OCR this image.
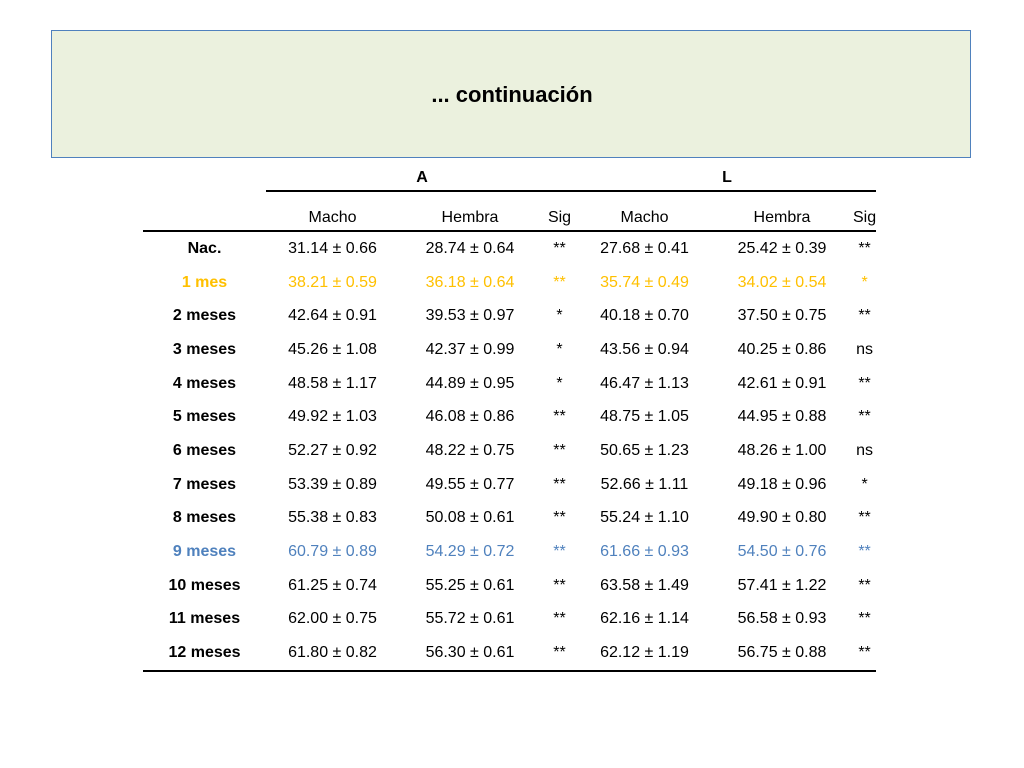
... continuación
	A			L		

	Macho	Hembra	Sig	Macho	Hembra	Sig
Nac.	31.14 ± 0.66	28.74 ± 0.64	**	27.68 ± 0.41	25.42 ± 0.39	**
1 mes	38.21 ± 0.59	36.18 ± 0.64	**	35.74 ± 0.49	34.02 ± 0.54	*
2 meses	42.64 ± 0.91	39.53 ± 0.97	*	40.18 ± 0.70	37.50 ± 0.75	**
3 meses	45.26 ± 1.08	42.37 ± 0.99	*	43.56 ± 0.94	40.25 ± 0.86	ns
4 meses	48.58 ± 1.17	44.89 ± 0.95	*	46.47 ± 1.13	42.61 ± 0.91	**
5 meses	49.92 ± 1.03	46.08 ± 0.86	**	48.75 ± 1.05	44.95 ± 0.88	**
6 meses	52.27 ± 0.92	48.22 ± 0.75	**	50.65 ± 1.23	48.26 ± 1.00	ns
7 meses	53.39 ± 0.89	49.55 ± 0.77	**	52.66 ± 1.11	49.18 ± 0.96	*
8 meses	55.38 ± 0.83	50.08 ± 0.61	**	55.24 ± 1.10	49.90 ± 0.80	**
9 meses	60.79 ± 0.89	54.29 ± 0.72	**	61.66 ± 0.93	54.50 ± 0.76	**
10 meses	61.25 ± 0.74	55.25 ± 0.61	**	63.58 ± 1.49	57.41 ± 1.22	**
11 meses	62.00 ± 0.75	55.72 ± 0.61	**	62.16 ± 1.14	56.58 ± 0.93	**
12 meses	61.80 ± 0.82	56.30 ± 0.61	**	62.12 ± 1.19	56.75 ± 0.88	**
